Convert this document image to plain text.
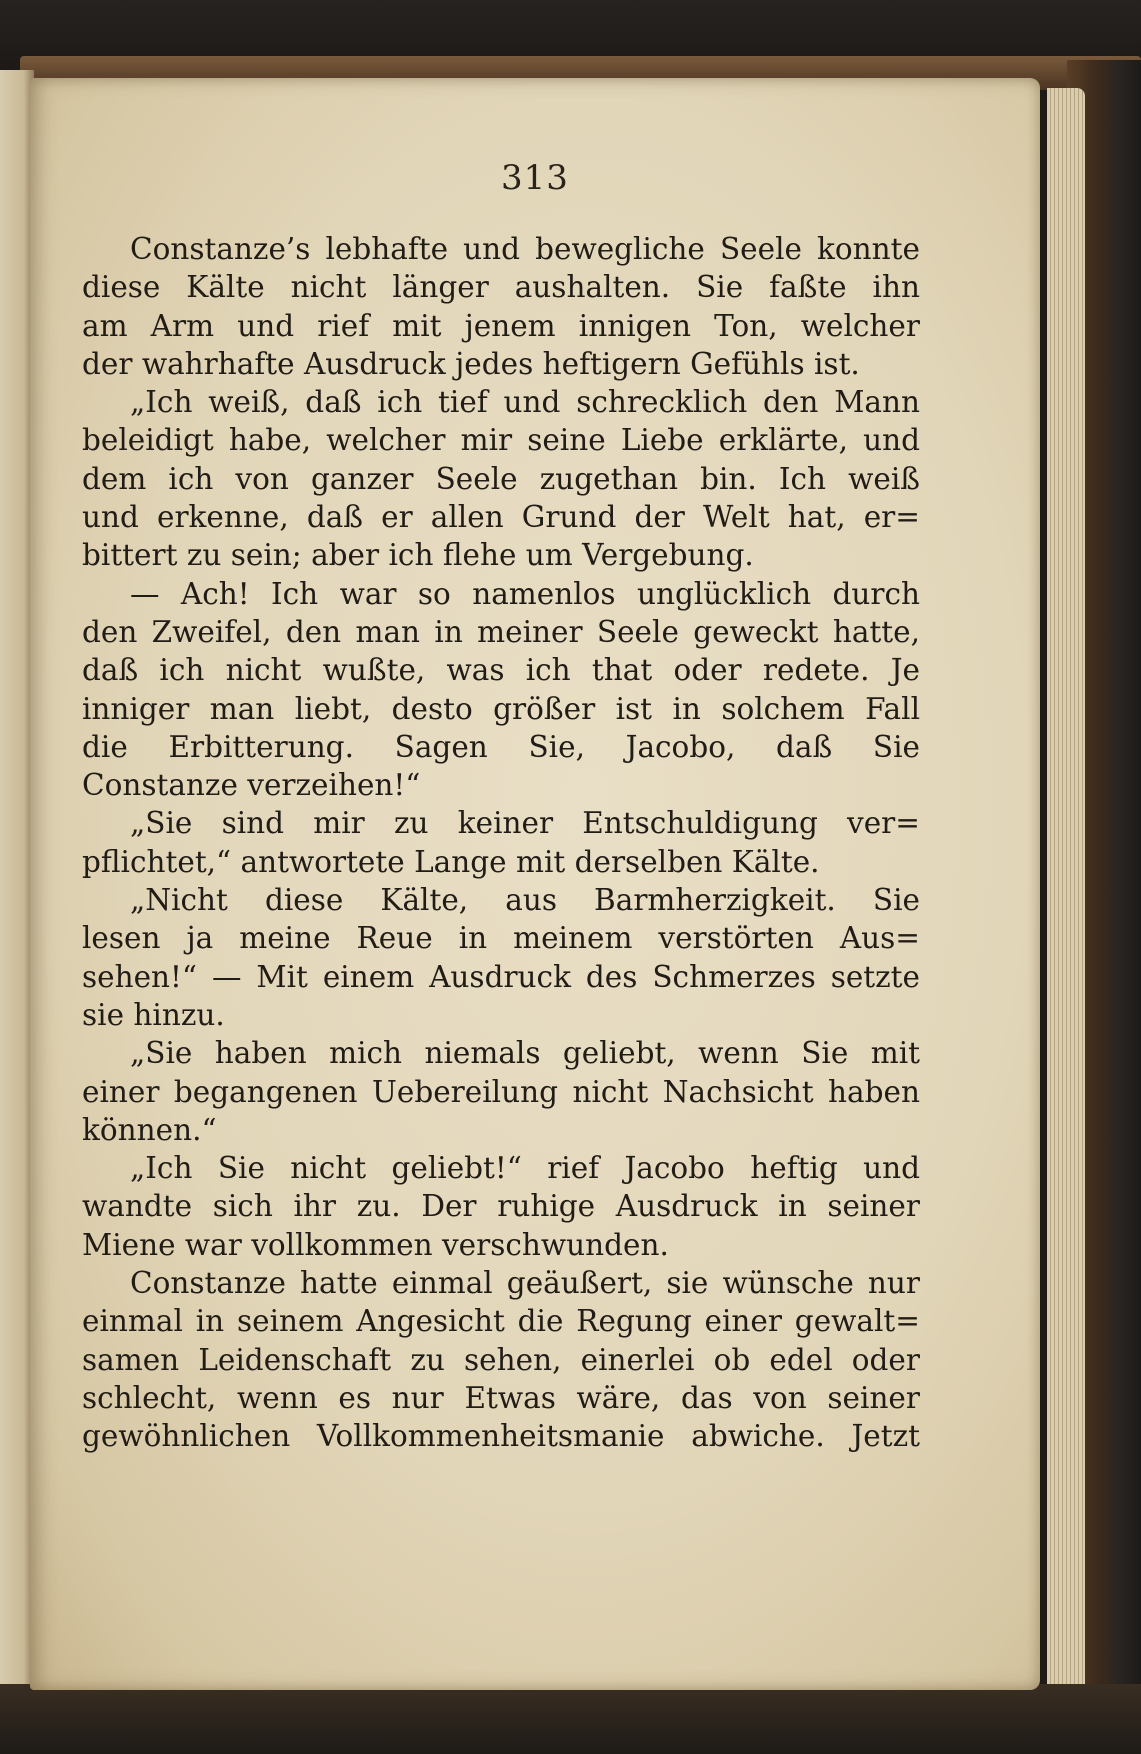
313
Constanze’s lebhafte und bewegliche Seele konnte
diese Kälte nicht länger aushalten. Sie faßte ihn
am Arm und rief mit jenem innigen Ton, welcher
der wahrhafte Ausdruck jedes heftigern Gefühls ist.
„Ich weiß, daß ich tief und schrecklich den Mann
beleidigt habe, welcher mir seine Liebe erklärte, und
dem ich von ganzer Seele zugethan bin. Ich weiß
und erkenne, daß er allen Grund der Welt hat, er=
bittert zu sein; aber ich flehe um Vergebung.
— Ach! Ich war so namenlos unglücklich durch
den Zweifel, den man in meiner Seele geweckt hatte,
daß ich nicht wußte, was ich that oder redete. Je
inniger man liebt, desto größer ist in solchem Fall
die Erbitterung. Sagen Sie, Jacobo, daß Sie
Constanze verzeihen!“
„Sie sind mir zu keiner Entschuldigung ver=
pflichtet,“ antwortete Lange mit derselben Kälte.
„Nicht diese Kälte, aus Barmherzigkeit. Sie
lesen ja meine Reue in meinem verstörten Aus=
sehen!“ — Mit einem Ausdruck des Schmerzes setzte
sie hinzu.
„Sie haben mich niemals geliebt, wenn Sie mit
einer begangenen Uebereilung nicht Nachsicht haben
können.“
„Ich Sie nicht geliebt!“ rief Jacobo heftig und
wandte sich ihr zu. Der ruhige Ausdruck in seiner
Miene war vollkommen verschwunden.
Constanze hatte einmal geäußert, sie wünsche nur
einmal in seinem Angesicht die Regung einer gewalt=
samen Leidenschaft zu sehen, einerlei ob edel oder
schlecht, wenn es nur Etwas wäre, das von seiner
gewöhnlichen Vollkommenheitsmanie abwiche. Jetzt
